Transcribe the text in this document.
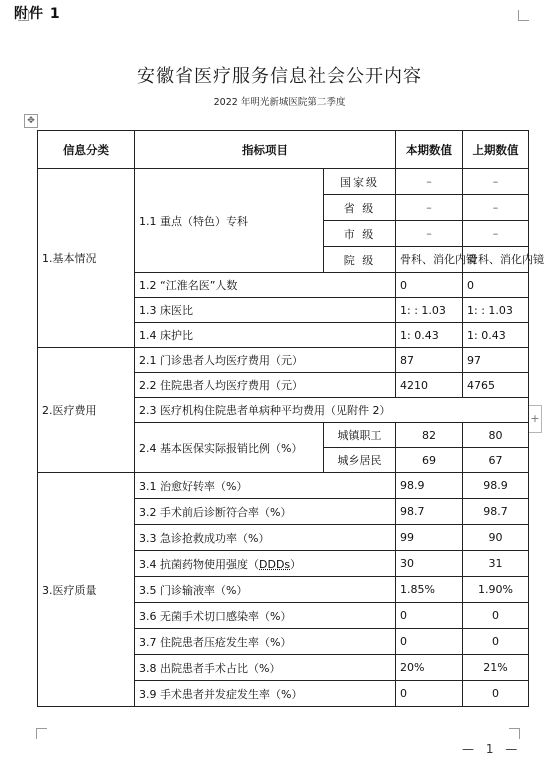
附件 1
安徽省医疗服务信息社会公开内容
2022 年明光新城医院第二季度
✥
+
信息分类	指标项目		本期数值	上期数值
1.基本情况	1.1 重点（特色）专科	国家级	–	–
		省 级	–	–
		市 级	–	–
		院 级	骨科、消化内镜	骨科、消化内镜
	1.2 “江淮名医”人数		0	0
	1.3 床医比		1: : 1.03	1: : 1.03
	1.4 床护比		1: 0.43	1: 0.43
2.医疗费用	2.1 门诊患者人均医疗费用（元）		87	97
	2.2 住院患者人均医疗费用（元）		4210	4765
	2.3 医疗机构住院患者单病种平均费用（见附件 2）			
	2.4 基本医保实际报销比例（%）	城镇职工	82	80
		城乡居民	69	67
3.医疗质量	3.1 治愈好转率（%）		98.9	98.9
	3.2 手术前后诊断符合率（%）		98.7	98.7
	3.3 急诊抢救成功率（%）		99	90
	3.4 抗菌药物使用强度（DDDs）		30	31
	3.5 门诊输液率（%）		1.85%	1.90%
	3.6 无菌手术切口感染率（%）		0	0
	3.7 住院患者压疮发生率（%）		0	0
	3.8 出院患者手术占比（%）		20%	21%
	3.9 手术患者并发症发生率（%）		0	0
— 1 —
